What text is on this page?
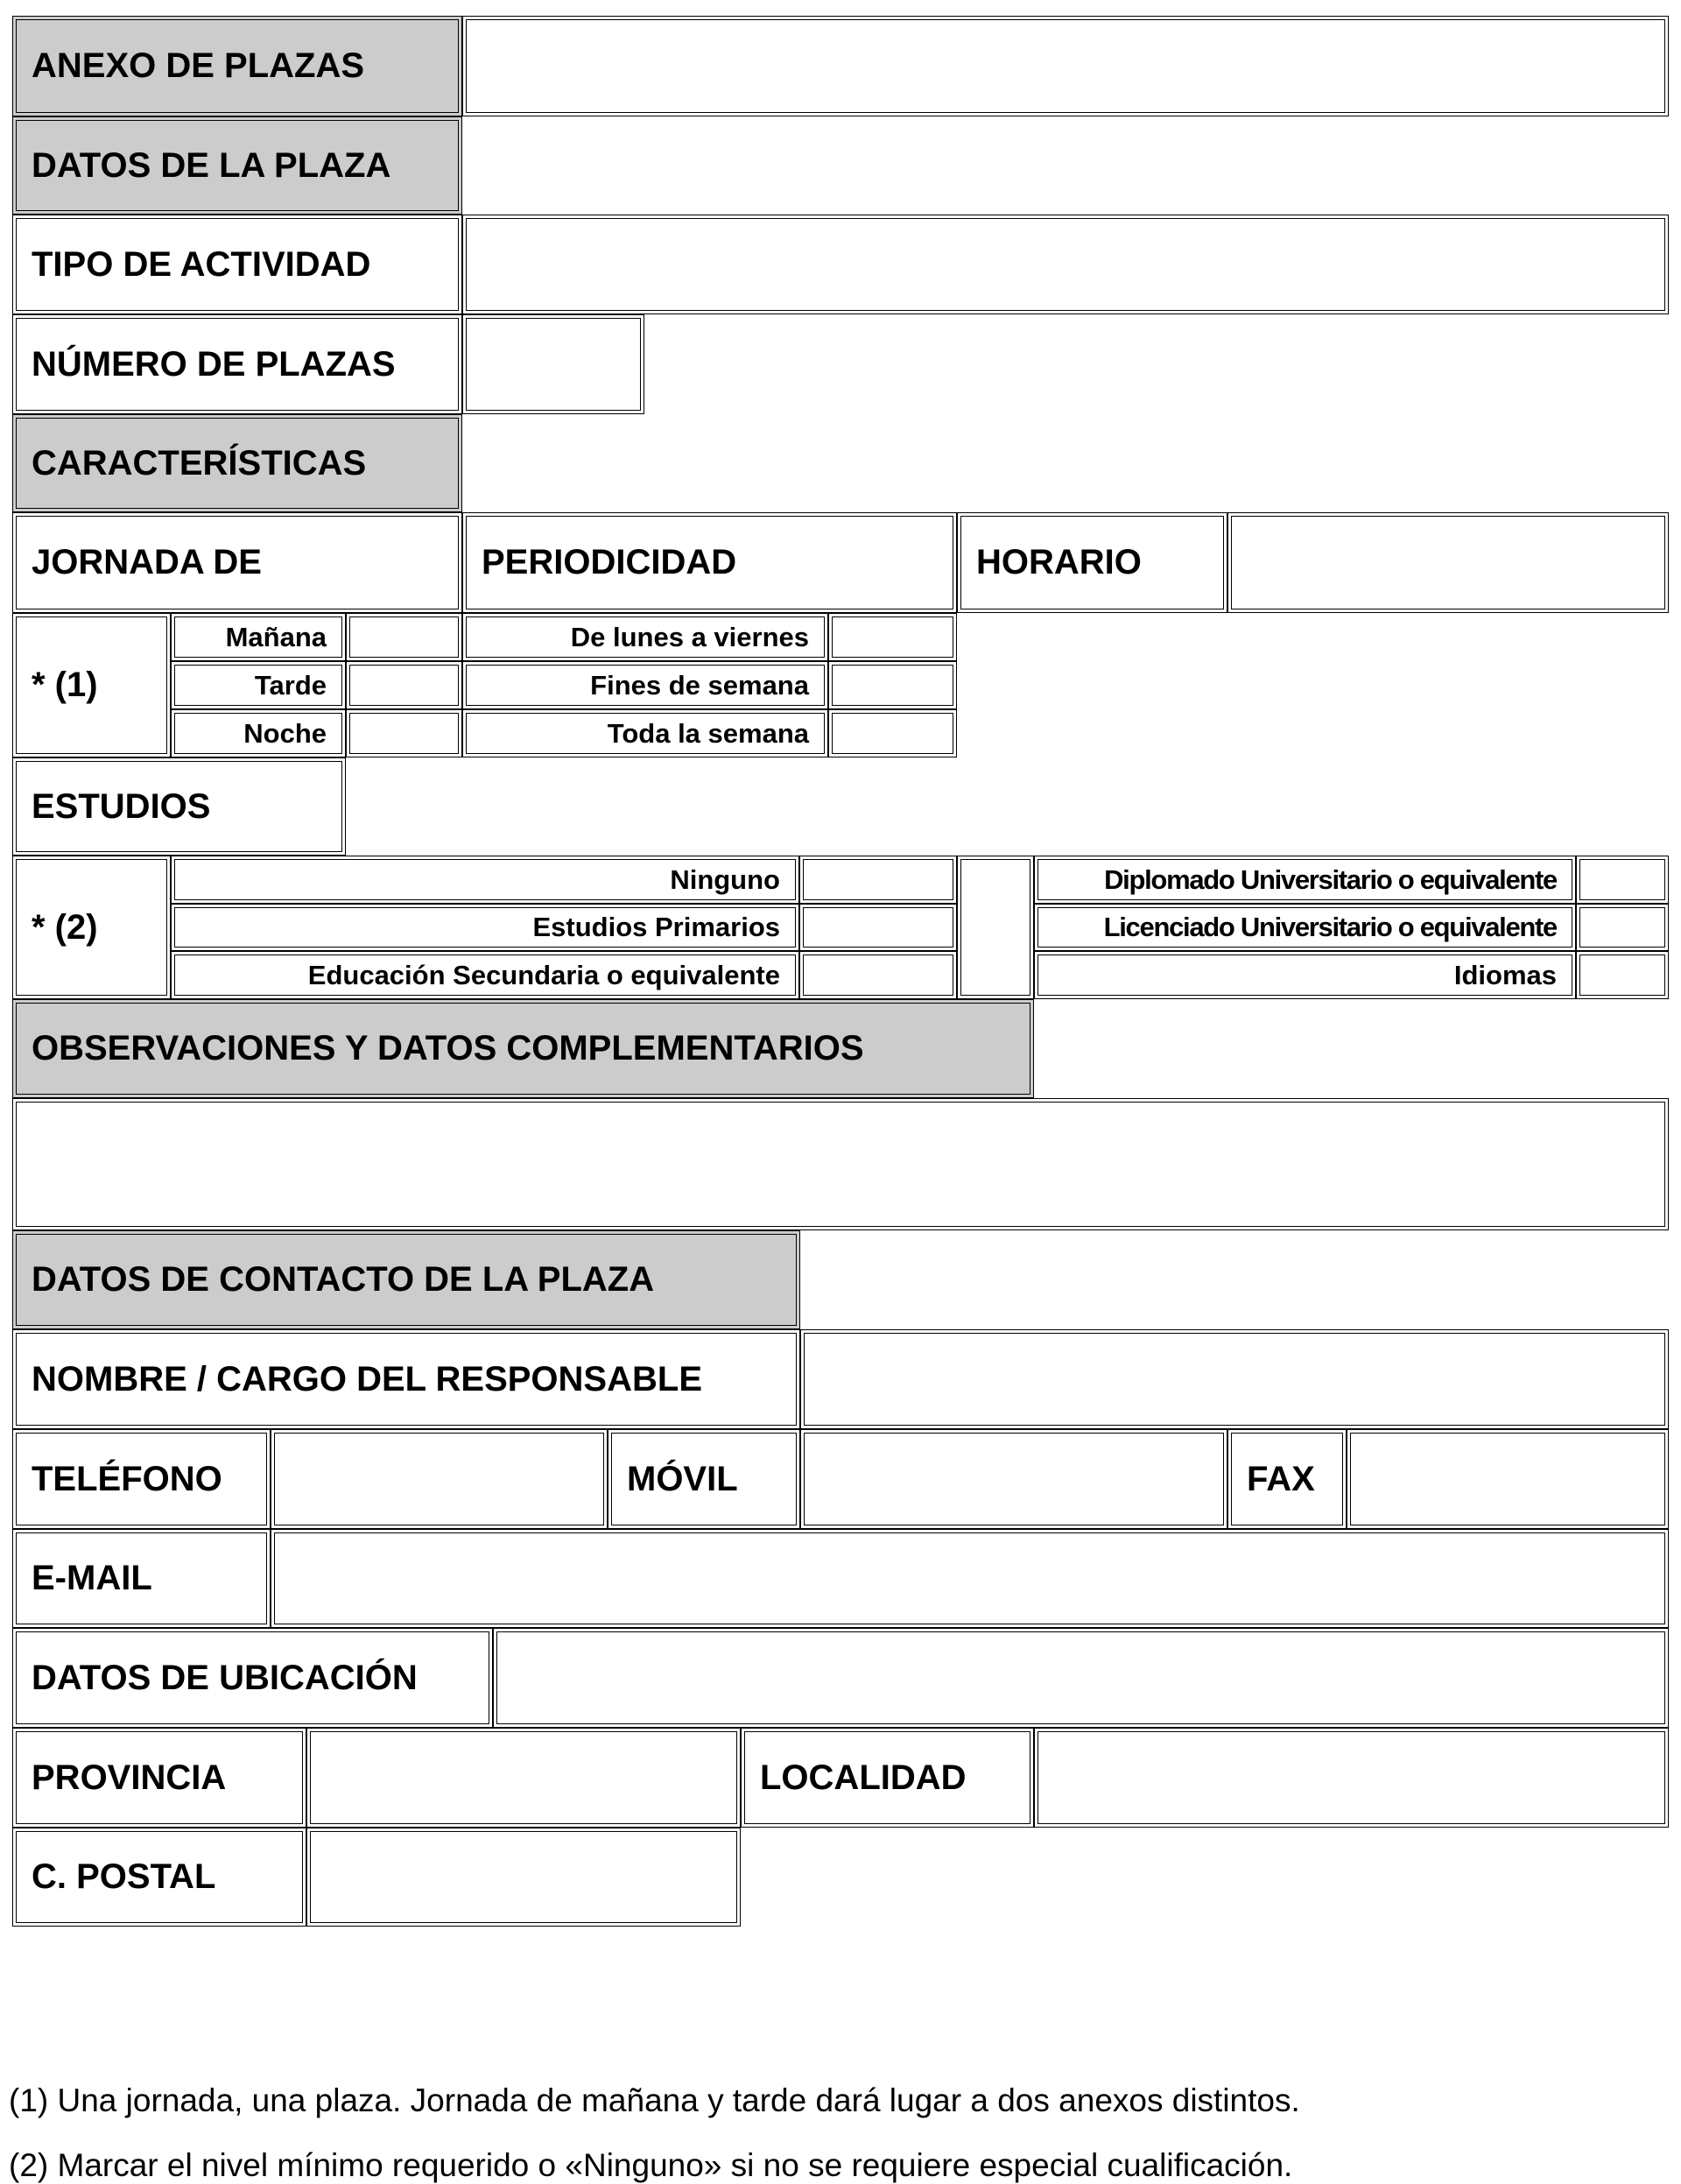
ANEXO DE PLAZAS
DATOS DE LA PLAZA
TIPO DE ACTIVIDAD
NÚMERO DE PLAZAS
CARACTERÍSTICAS
JORNADA DE	PERIODICIDAD	HORARIO
* (1)
Mañana	De lunes a viernes
Tarde	Fines de semana
Noche	Toda la semana
ESTUDIOS
* (2)
Ninguno	Diplomado Universitario o equivalente
Estudios Primarios	Licenciado Universitario o equivalente
Educación Secundaria o equivalente	Idiomas
OBSERVACIONES Y DATOS COMPLEMENTARIOS
DATOS DE CONTACTO DE LA PLAZA
NOMBRE / CARGO DEL RESPONSABLE
TELÉFONO	MÓVIL	FAX
E-MAIL
DATOS DE UBICACIÓN
PROVINCIA	LOCALIDAD
C. POSTAL
(1) Una jornada, una plaza. Jornada de mañana y tarde dará lugar a dos anexos distintos.
(2) Marcar el nivel mínimo requerido o «Ninguno» si no se requiere especial cualificación.
